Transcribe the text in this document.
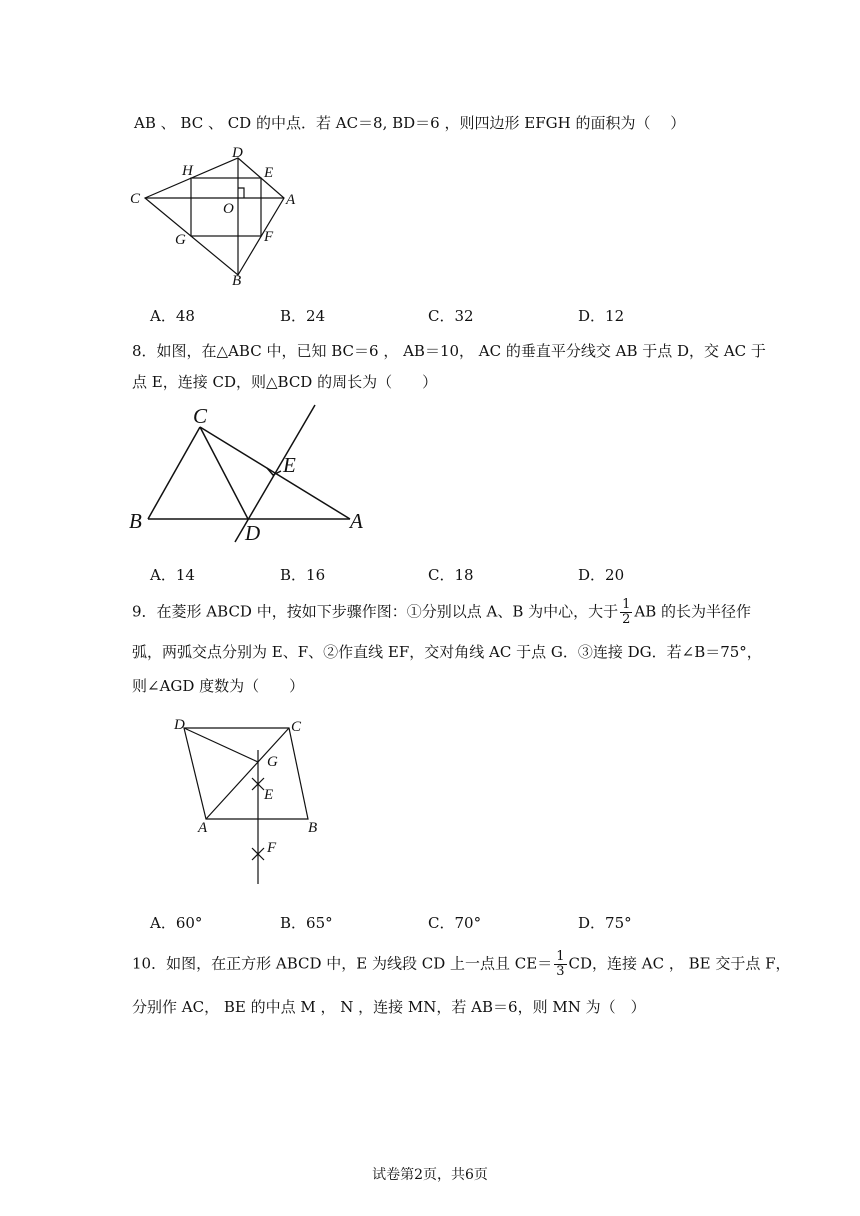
AB 、 BC 、 CD 的中点．若 AC＝8, BD＝6 ，则四边形 EFGH 的面积为（　 ）
D
H	E
C
O
A
G	F
B
A．48	B．24	C．32	D．12
8．如图，在△ABC 中，已知 BC＝6 ， AB＝10， AC 的垂直平分线交 AB 于点 D，交 AC 于
点 E，连接 CD，则△BCD 的周长为（　　）
C
E
B	D	A
A．14	B．16	C．18	D．20
9．在菱形 ABCD 中，按如下步骤作图：①分别以点 A、B 为中心，大于 $\frac{1}{2}$ AB 的长为半径作
弧，两弧交点分别为 E、F、②作直线 EF，交对角线 AC 于点 G．③连接 DG．若∠B＝75°，
则∠AGD 度数为（　　）
D	C
G
E
A	B
F
A．60°	B．65°	C．70°	D．75°
10．如图，在正方形 ABCD 中，E 为线段 CD 上一点且 $CE= \frac{1}{3}$ CD，连接 AC ， BE 交于点 F，
分别作 AC， BE 的中点 M ， N ，连接 MN，若 AB＝6，则 MN 为（　）
试卷第2页，共6页
